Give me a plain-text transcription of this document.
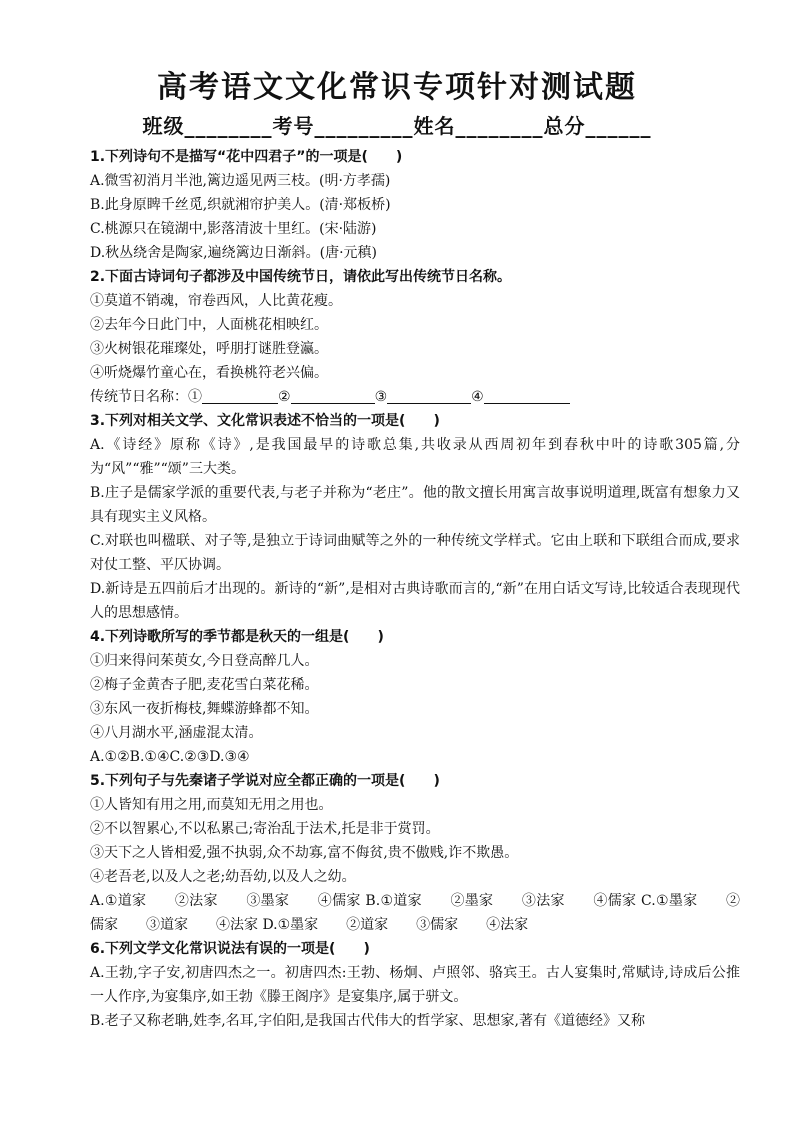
高考语文文化常识专项针对测试题
班级________考号_________姓名________总分______
1.下列诗句不是描写“花中四君子”的一项是(　　)
A.微雪初消月半池,篱边遥见两三枝。(明·方孝孺)
B.此身原睥千丝觅,织就湘帘护美人。(清·郑板桥)
C.桃源只在镜湖中,影落清波十里红。(宋·陆游)
D.秋丛绕舍是陶家,遍绕篱边日渐斜。(唐·元稹)
2.下面古诗词句子都涉及中国传统节日，请依此写出传统节日名称。
①莫道不销魂，帘卷西风，人比黄花瘦。
②去年今日此门中，人面桃花相映红。
③火树银花璀璨处，呼朋打谜胜登瀛。
④听烧爆竹童心在，看换桃符老兴偏。
传统节日名称：①	②	③	④
3.下列对相关文学、文化常识表述不恰当的一项是(　　)
A.《诗经》原称《诗》,是我国最早的诗歌总集,共收录从西周初年到春秋中叶的诗歌305篇,分为“风”“雅”“颂”三大类。
B.庄子是儒家学派的重要代表,与老子并称为“老庄”。他的散文擅长用寓言故事说明道理,既富有想象力又具有现实主义风格。
C.对联也叫楹联、对子等,是独立于诗词曲赋等之外的一种传统文学样式。它由上联和下联组合而成,要求对仗工整、平仄协调。
D.新诗是五四前后才出现的。新诗的“新”,是相对古典诗歌而言的,“新”在用白话文写诗,比较适合表现现代人的思想感情。
4.下列诗歌所写的季节都是秋天的一组是(　　)
①归来得问茱萸女,今日登高醉几人。
②梅子金黄杏子肥,麦花雪白菜花稀。
③东风一夜折梅枝,舞蝶游蜂都不知。
④八月湖水平,涵虚混太清。
A.①②B.①④C.②③D.③④
5.下列句子与先秦诸子学说对应全都正确的一项是(　　)
①人皆知有用之用,而莫知无用之用也。
②不以智累心,不以私累己;寄治乱于法术,托是非于赏罚。
③天下之人皆相爱,强不执弱,众不劫寡,富不侮贫,贵不傲贱,诈不欺愚。
④老吾老,以及人之老;幼吾幼,以及人之幼。
A.①道家　　②法家　　③墨家　　④儒家 B.①道家　　②墨家　　③法家　　④儒家 C.①墨家　　②儒家　　③道家　　④法家 D.①墨家　　②道家　　③儒家　　④法家
6.下列文学文化常识说法有误的一项是(　　)
A.王勃,字子安,初唐四杰之一。初唐四杰:王勃、杨炯、卢照邻、骆宾王。古人宴集时,常赋诗,诗成后公推一人作序,为宴集序,如王勃《滕王阁序》是宴集序,属于骈文。
B.老子又称老聃,姓李,名耳,字伯阳,是我国古代伟大的哲学家、思想家,著有《道德经》又称
